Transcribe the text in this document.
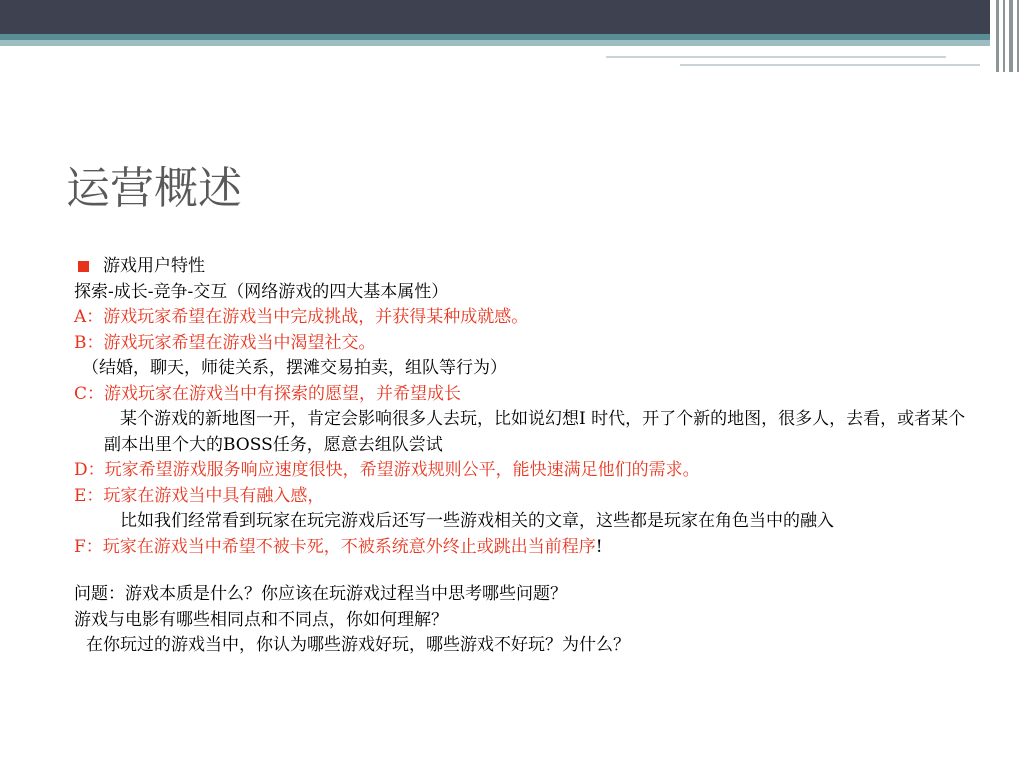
运营概述
游戏用户特性
探索-成长-竞争-交互（网络游戏的四大基本属性）
A：游戏玩家希望在游戏当中完成挑战，并获得某种成就感。
B：游戏玩家希望在游戏当中渴望社交。
（结婚，聊天，师徒关系，摆滩交易拍卖，组队等行为）
C：游戏玩家在游戏当中有探索的愿望，并希望成长
某个游戏的新地图一开，肯定会影响很多人去玩，比如说幻想I 时代，开了个新的地图，很多人，去看，或者某个副本出里个大的BOSS任务，愿意去组队尝试
D：玩家希望游戏服务响应速度很快，希望游戏规则公平，能快速满足他们的需求。
E：玩家在游戏当中具有融入感，
比如我们经常看到玩家在玩完游戏后还写一些游戏相关的文章，这些都是玩家在角色当中的融入
F：玩家在游戏当中希望不被卡死，不被系统意外终止或跳出当前程序!
问题：游戏本质是什么？你应该在玩游戏过程当中思考哪些问题？
游戏与电影有哪些相同点和不同点，你如何理解？
在你玩过的游戏当中，你认为哪些游戏好玩，哪些游戏不好玩？为什么？
